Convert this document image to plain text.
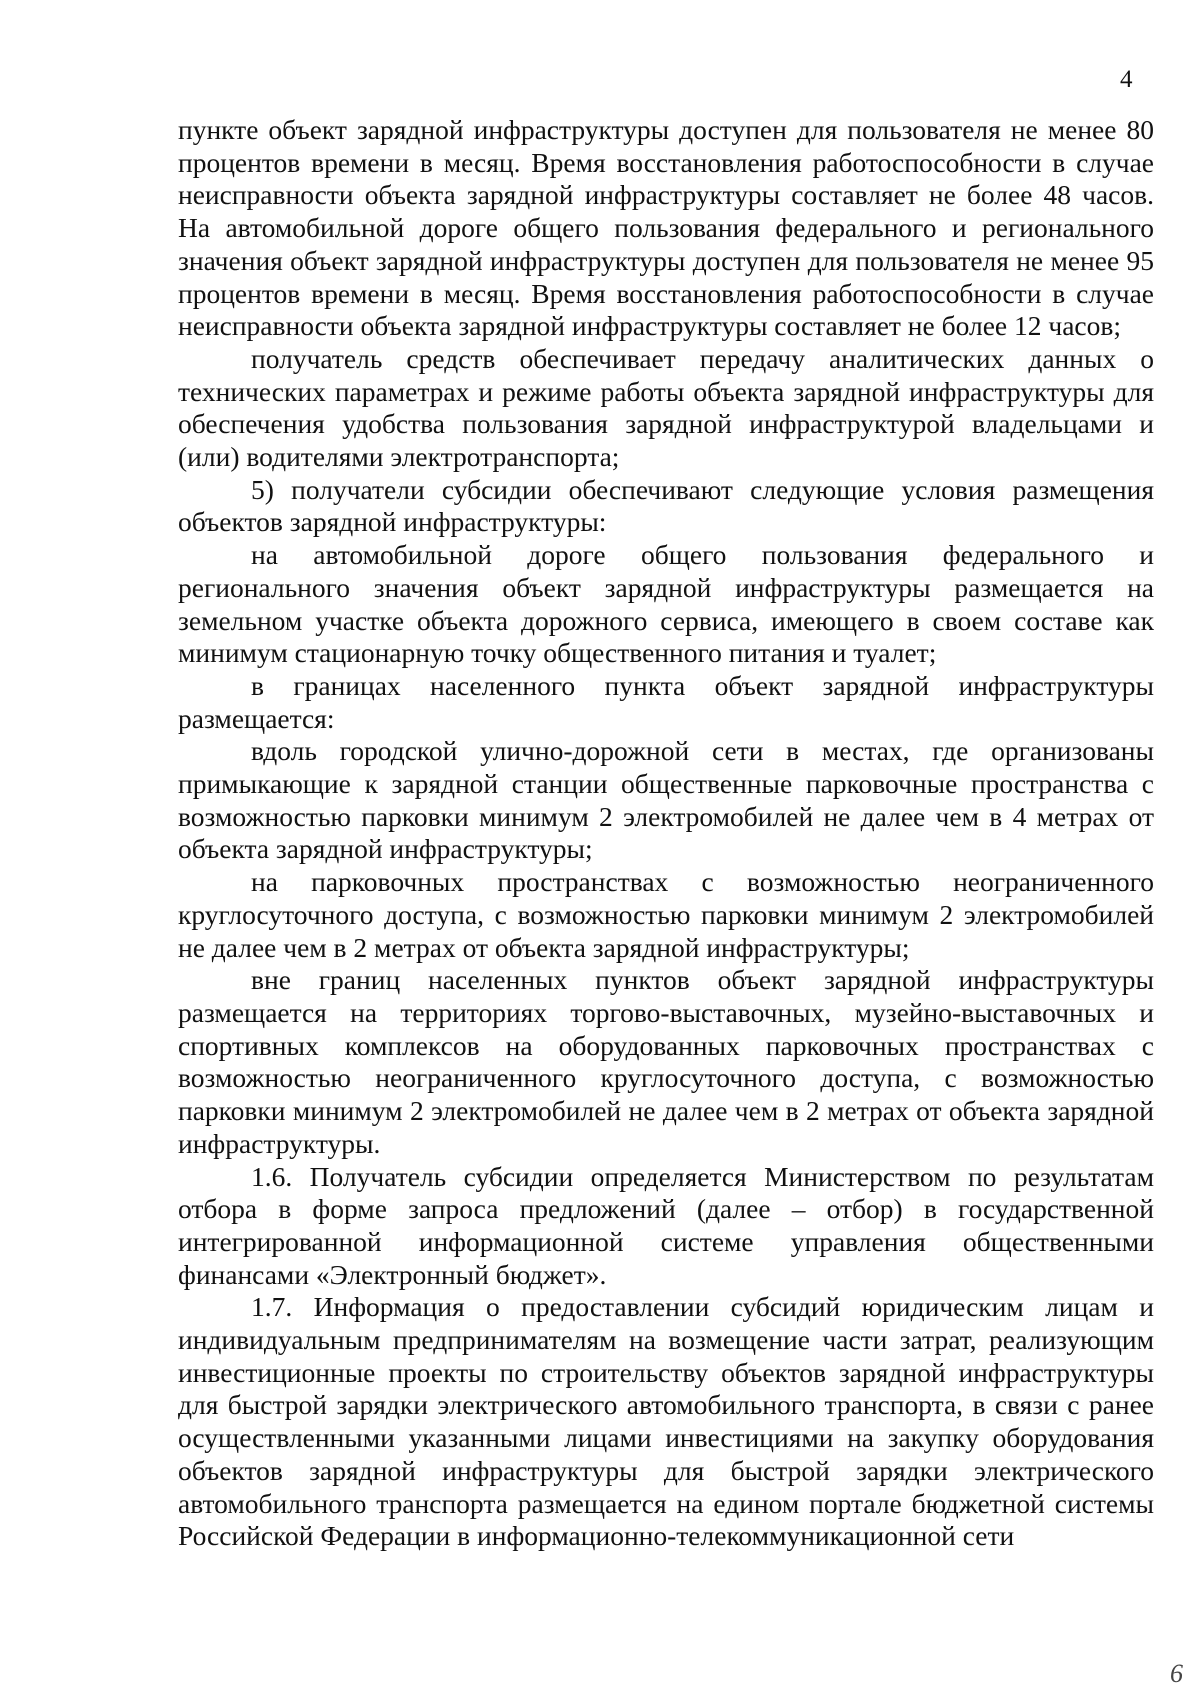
4

пункте объект зарядной инфраструктуры доступен для пользователя не менее 80 процентов времени в месяц. Время восстановления работоспособности в случае неисправности объекта зарядной инфраструктуры составляет не более 48 часов. На автомобильной дороге общего пользования федерального и регионального значения объект зарядной инфраструктуры доступен для пользователя не менее 95 процентов времени в месяц. Время восстановления работоспособности в случае неисправности объекта зарядной инфраструктуры составляет не более 12 часов;

получатель средств обеспечивает передачу аналитических данных о технических параметрах и режиме работы объекта зарядной инфраструктуры для обеспечения удобства пользования зарядной инфраструктурой владельцами и (или) водителями электротранспорта;

5) получатели субсидии обеспечивают следующие условия размещения объектов зарядной инфраструктуры:

на автомобильной дороге общего пользования федерального и регионального значения объект зарядной инфраструктуры размещается на земельном участке объекта дорожного сервиса, имеющего в своем составе как минимум стационарную точку общественного питания и туалет;

в границах населенного пункта объект зарядной инфраструктуры размещается:

вдоль городской улично-дорожной сети в местах, где организованы примыкающие к зарядной станции общественные парковочные пространства с возможностью парковки минимум 2 электромобилей не далее чем в 4 метрах от объекта зарядной инфраструктуры;

на парковочных пространствах с возможностью неограниченного круглосуточного доступа, с возможностью парковки минимум 2 электромобилей не далее чем в 2 метрах от объекта зарядной инфраструктуры;

вне границ населенных пунктов объект зарядной инфраструктуры размещается на территориях торгово-выставочных, музейно-выставочных и спортивных комплексов на оборудованных парковочных пространствах с возможностью неограниченного круглосуточного доступа, с возможностью парковки минимум 2 электромобилей не далее чем в 2 метрах от объекта зарядной инфраструктуры.

1.6. Получатель субсидии определяется Министерством по результатам отбора в форме запроса предложений (далее – отбор) в государственной интегрированной информационной системе управления общественными финансами «Электронный бюджет».

1.7. Информация о предоставлении субсидий юридическим лицам и индивидуальным предпринимателям на возмещение части затрат, реализующим инвестиционные проекты по строительству объектов зарядной инфраструктуры для быстрой зарядки электрического автомобильного транспорта, в связи с ранее осуществленными указанными лицами инвестициями на закупку оборудования объектов зарядной инфраструктуры для быстрой зарядки электрического автомобильного транспорта размещается на едином портале бюджетной системы Российской Федерации в информационно-телекоммуникационной сети

6
